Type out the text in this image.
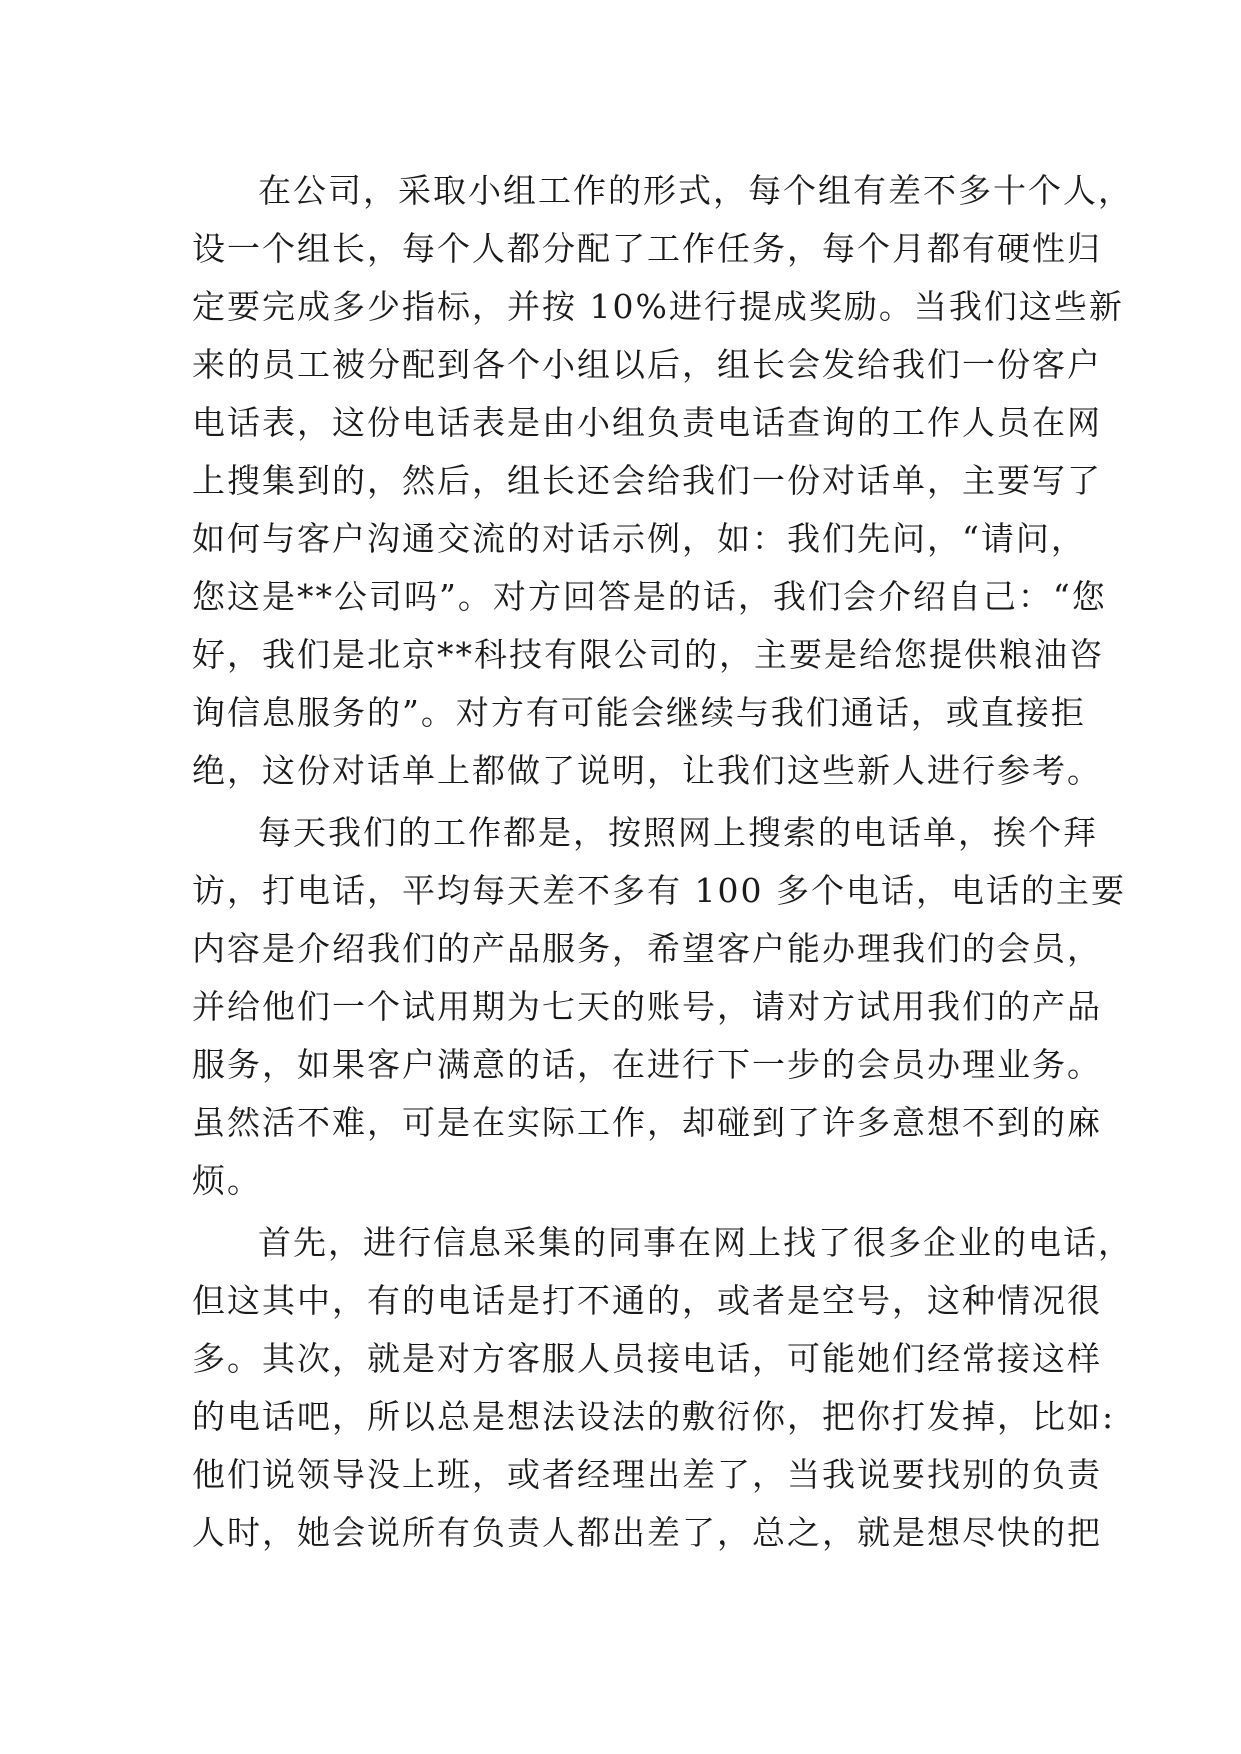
在公司，采取小组工作的形式，每个组有差不多十个人，
设一个组长，每个人都分配了工作任务，每个月都有硬性归
定要完成多少指标，并按 10%进行提成奖励。当我们这些新
来的员工被分配到各个小组以后，组长会发给我们一份客户
电话表，这份电话表是由小组负责电话查询的工作人员在网
上搜集到的，然后，组长还会给我们一份对话单，主要写了
如何与客户沟通交流的对话示例，如：我们先问，“请问，
您这是**公司吗”。对方回答是的话，我们会介绍自己：“您
好，我们是北京**科技有限公司的，主要是给您提供粮油咨
询信息服务的”。对方有可能会继续与我们通话，或直接拒
绝，这份对话单上都做了说明，让我们这些新人进行参考。
每天我们的工作都是，按照网上搜索的电话单，挨个拜
访，打电话，平均每天差不多有 100 多个电话，电话的主要
内容是介绍我们的产品服务，希望客户能办理我们的会员，
并给他们一个试用期为七天的账号，请对方试用我们的产品
服务，如果客户满意的话，在进行下一步的会员办理业务。
虽然活不难，可是在实际工作，却碰到了许多意想不到的麻
烦。
首先，进行信息采集的同事在网上找了很多企业的电话，
但这其中，有的电话是打不通的，或者是空号，这种情况很
多。其次，就是对方客服人员接电话，可能她们经常接这样
的电话吧，所以总是想法设法的敷衍你，把你打发掉，比如:
他们说领导没上班，或者经理出差了，当我说要找别的负责
人时，她会说所有负责人都出差了，总之，就是想尽快的把
